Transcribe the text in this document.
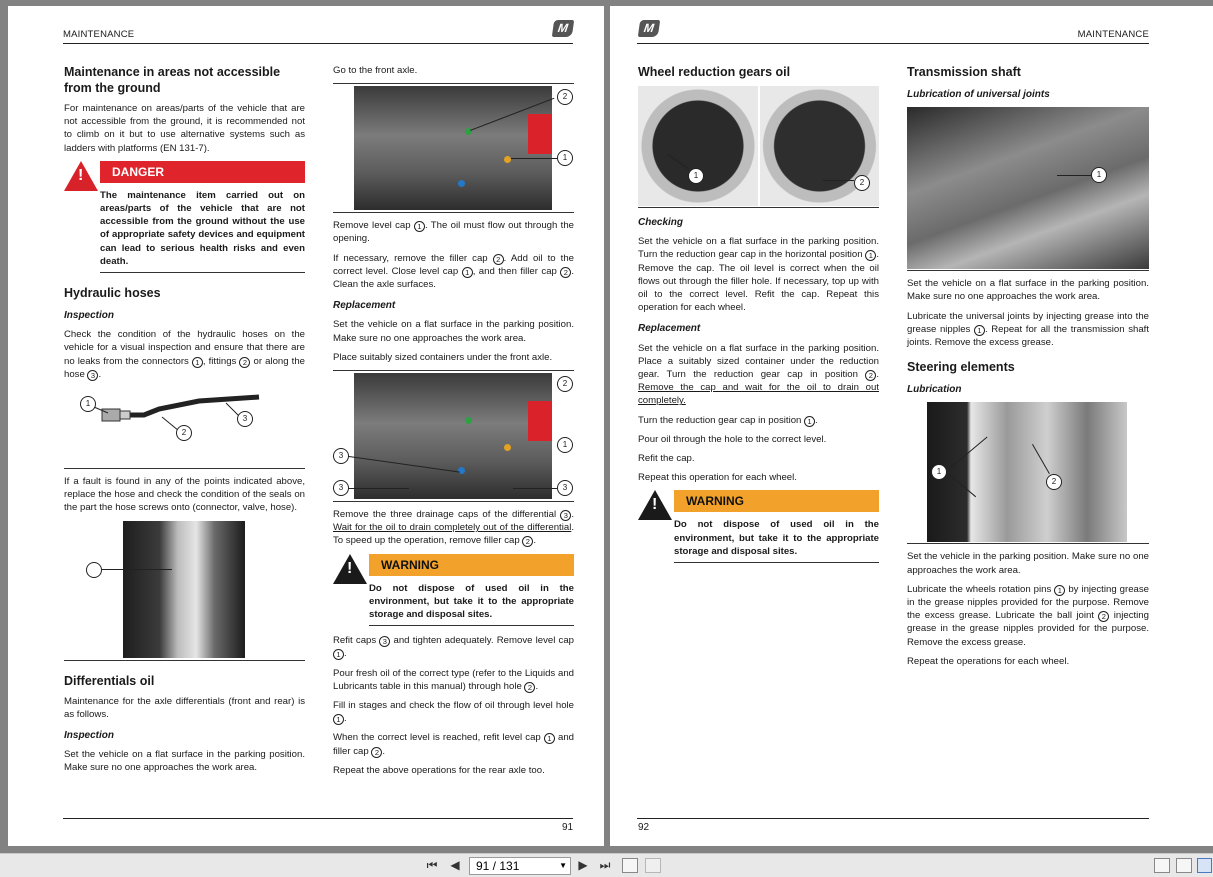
MAINTENANCE	M
Maintenance in areas not accessible from the ground

For maintenance on areas/parts of the vehicle that are not accessible from the ground, it is recommended not to climb on it but to use alternative systems such as ladders with platforms (EN 131-7).

!
DANGER
The maintenance item carried out on areas/parts of the vehicle that are not accessible from the ground without the use of appropriate safety devices and equipment can lead to serious health risks and even death.
Hydraulic hoses
Inspection

Check the condition of the hydraulic hoses on the vehicle for a visual inspection and ensure that there are no leaks from the connectors 1 , fittings 2 or along the hose 3 .

1
2
3

If a fault is found in any of the points indicated above, replace the hose and check the condition of the seals on the part the hose screws onto (connector, valve, hose).

Differentials oil

Maintenance for the axle differentials (front and rear) is as follows.

Inspection

Set the vehicle on a flat surface in the parking position. Make sure no one approaches the work area.

Go to the front axle.

2
1

Remove level cap 1 . The oil must flow out through the opening.

If necessary, remove the filler cap 2 . Add oil to the correct level. Close level cap 1 , and then filler cap 2 . Clean the axle surfaces.

Replacement

Set the vehicle on a flat surface in the parking position. Make sure no one approaches the work area.

Place suitably sized containers under the front axle.

2
1
3
3	3

Remove the three drainage caps of the differential 3 . Wait for the oil to drain completely out of the differential. To speed up the operation, remove filler cap 2 .

!
WARNING
Do not dispose of used oil in the environment, but take it to the appropriate storage and disposal sites.

Refit caps 3 and tighten adequately. Remove level cap 1 .

Pour fresh oil of the correct type (refer to the Liquids and Lubricants table in this manual) through hole 2 .

Fill in stages and check the flow of oil through level hole 1 .

When the correct level is reached, refit level cap 1 and filler cap 2 .

Repeat the above operations for the rear axle too.

91
M	MAINTENANCE
Wheel reduction gears oil
1
2
Checking

Set the vehicle on a flat surface in the parking position. Turn the reduction gear cap in the horizontal position 1 . Remove the cap. The oil level is correct when the oil flows out through the filler hole. If necessary, top up with oil to the correct level. Refit the cap. Repeat this operation for each wheel.

Replacement

Set the vehicle on a flat surface in the parking position. Place a suitably sized container under the reduction gear. Turn the reduction gear cap in position 2 . Remove the cap and wait for the oil to drain out completely.

Turn the reduction gear cap in position 1 .

Pour oil through the hole to the correct level.

Refit the cap.

Repeat this operation for each wheel.

!
WARNING
Do not dispose of used oil in the environment, but take it to the appropriate storage and disposal sites.
Transmission shaft
Lubrication of universal joints
1

Set the vehicle on a flat surface in the parking position. Make sure no one approaches the work area.

Lubricate the universal joints by injecting grease into the grease nipples 1 . Repeat for all the transmission shaft joints. Remove the excess grease.

Steering elements
Lubrication
1
2

Set the vehicle in the parking position. Make sure no one approaches the work area.

Lubricate the wheels rotation pins 1 by injecting grease in the grease nipples provided for the purpose. Remove the excess grease. Lubricate the ball joint 2 injecting grease in the grease nipples provided for the purpose. Remove the excess grease.

Repeat the operations for each wheel.

92
⏮ ◀	91 / 131	▼ ▶ ⏭
